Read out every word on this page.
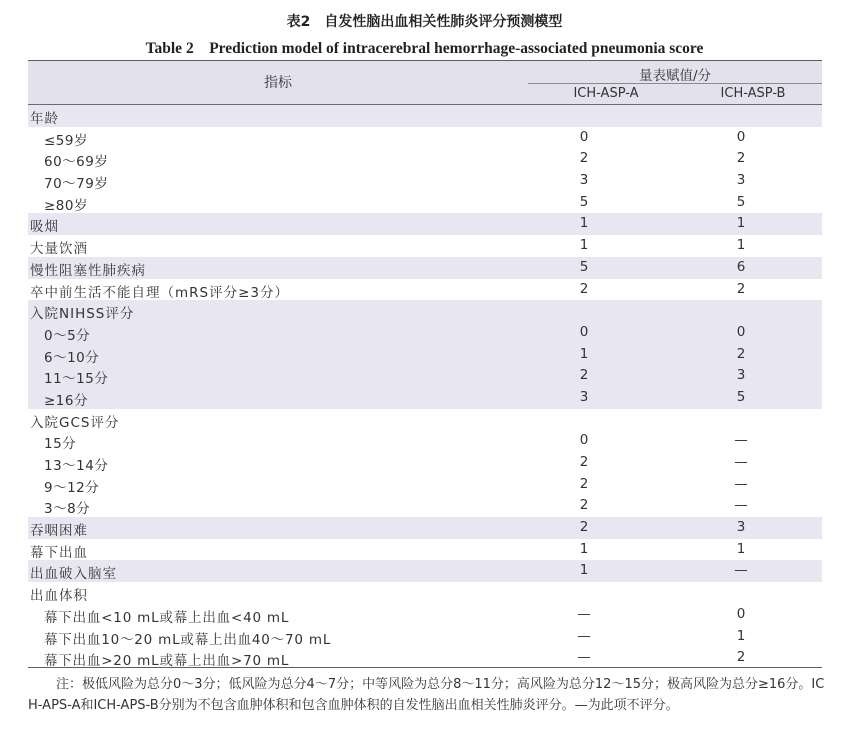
表2　自发性脑出血相关性肺炎评分预测模型
Table 2　Prediction model of intracerebral hemorrhage-associated pneumonia score
指标	量表赋值/分
ICH-ASP-A	ICH-ASP-B
年龄
≤59岁	0	0
60～69岁	2	2
70～79岁	3	3
≥80岁	5	5
吸烟	1	1
大量饮酒	1	1
慢性阻塞性肺疾病	5	6
卒中前生活不能自理（mRS评分≥3分）	2	2
入院NIHSS评分
0～5分	0	0
6～10分	1	2
11～15分	2	3
≥16分	3	5
入院GCS评分
15分	0	—
13～14分	2	—
9～12分	2	—
3～8分	2	—
吞咽困难	2	3
幕下出血	1	1
出血破入脑室	1	—
出血体积
幕下出血<10 mL或幕上出血<40 mL	—	0
幕下出血10～20 mL或幕上出血40～70 mL	—	1
幕下出血>20 mL或幕上出血>70 mL	—	2
注：极低风险为总分0～3分；低风险为总分4～7分；中等风险为总分8～11分；高风险为总分12～15分；极高风险为总分≥16分。ICH-APS-A和ICH-APS-B分别为不包含血肿体积和包含血肿体积的自发性脑出血相关性肺炎评分。—为此项不评分。
